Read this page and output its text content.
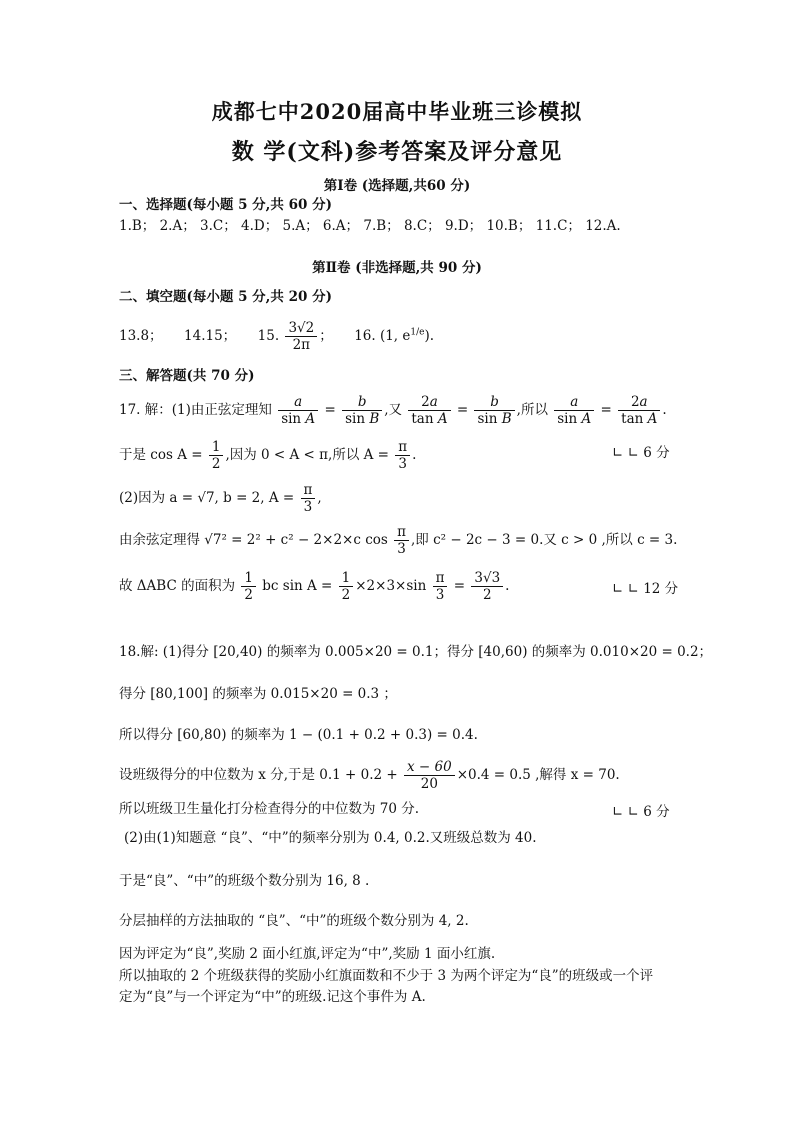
成都七中2020届高中毕业班三诊模拟
数 学(文科)参考答案及评分意见
第Ⅰ卷 (选择题,共60 分)
一、选择题(每小题 5 分,共 60 分)
1.B； 2.A； 3.C； 4.D； 5.A； 6.A； 7.B； 8.C； 9.D； 10.B； 11.C； 12.A.
第Ⅱ卷 (非选择题,共 90 分)
二、填空题(每小题 5 分,共 20 分)
13.8； 14.15； 15. $\frac{3√2}{2\pi}$ ；     16. (1, $e^{1/e}$).
三、解答题(共 70 分)
17. 解：(1)由正弦定理知 $\frac{a}{\text{sin A}} = \frac{b}{\text{sin B}}$ ,又 $\frac{2a}{\text{tan A}} = \frac{b}{\text{sin B}}$ ,所以 $\frac{a}{\text{sin A}} = \frac{2a}{\text{tan A}}$ .
于是 $\cos A = \frac{1}{2}$ ,因为 0 < A < π,所以 $A = \frac{\pi}{3}$ .	∟ ∟ 6 分
(2)因为 a = √7, b = 2, $A = \frac{\pi}{3}$ ,
由余弦定理得 √7² = 2² + c² − 2×2×c $\cos \frac{\pi}{3}$ ,即 c² − 2c − 3 = 0.又 c > 0 ,所以 c = 3.
故 ΔABC 的面积为 $\frac{1}{2}$ bc $\sin A = \frac{1}{2} \times 2\times 3\times\sin \frac{\pi}{3} = \frac{3√3}{2}$ .	∟ ∟ 12 分
18.解: (1)得分 [20,40) 的频率为 0.005×20 = 0.1；得分 [40,60) 的频率为 0.010×20 = 0.2；
得分 [80,100] 的频率为 0.015×20 = 0.3 ；
所以得分 [60,80) 的频率为 1 − (0.1 + 0.2 + 0.3) = 0.4.
设班级得分的中位数为 x 分,于是 $0.1 + 0.2 + \frac{x - 60}{20} \times 0.4 = 0.5$ ,解得 x = 70.
所以班级卫生量化打分检查得分的中位数为 70 分.	∟ ∟ 6 分
(2)由(1)知题意 “良”、“中”的频率分别为 0.4, 0.2.又班级总数为 40.
于是“良”、“中”的班级个数分别为 16, 8 .
分层抽样的方法抽取的 “良”、“中”的班级个数分别为 4, 2.
因为评定为“良”,奖励 2 面小红旗,评定为“中”,奖励 1 面小红旗.
所以抽取的 2 个班级获得的奖励小红旗面数和不少于 3 为两个评定为“良”的班级或一个评
定为“良”与一个评定为“中”的班级.记这个事件为 A.
